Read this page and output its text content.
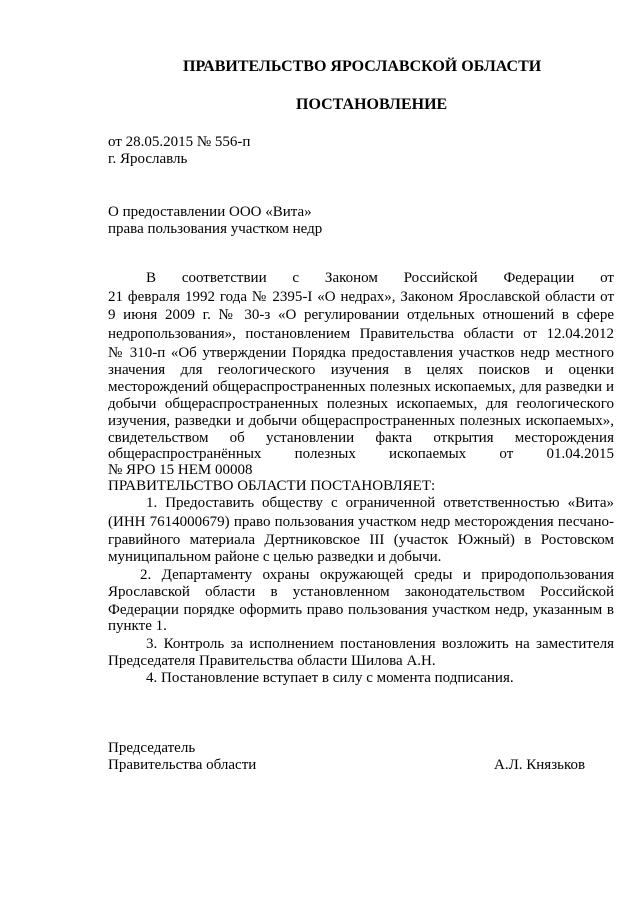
ПРАВИТЕЛЬСТВО ЯРОСЛАВСКОЙ ОБЛАСТИ
ПОСТАНОВЛЕНИЕ
от 28.05.2015 № 556-п
г. Ярославль
О предоставлении ООО «Вита»
права пользования участком недр
В соответствии с Законом Российской Федерации от
21 февраля 1992 года № 2395-I «О недрах», Законом Ярославской области от
9 июня 2009 г. № 30-з «О регулировании отдельных отношений в сфере
недропользования», постановлением Правительства области от 12.04.2012
№ 310-п «Об утверждении Порядка предоставления участков недр местного
значения для геологического изучения в целях поисков и оценки
месторождений общераспространенных полезных ископаемых, для разведки и
добычи общераспространенных полезных ископаемых, для геологического
изучения, разведки и добычи общераспространенных полезных ископаемых»,
свидетельством об установлении факта открытия месторождения
общераспространённых полезных ископаемых от 01.04.2015
№ ЯРО 15 НЕМ 00008
ПРАВИТЕЛЬСТВО ОБЛАСТИ ПОСТАНОВЛЯЕТ:
1. Предоставить обществу с ограниченной ответственностью «Вита»
(ИНН 7614000679) право пользования участком недр месторождения песчано-
гравийного материала Дертниковское III (участок Южный) в Ростовском
муниципальном районе с целью разведки и добычи.
2. Департаменту охраны окружающей среды и природопользования
Ярославской области в установленном законодательством Российской
Федерации порядке оформить право пользования участком недр, указанным в
пункте 1.
3. Контроль за исполнением постановления возложить на заместителя
Председателя Правительства области Шилова А.Н.
4. Постановление вступает в силу с момента подписания.
Председатель
Правительства области	А.Л. Князьков
